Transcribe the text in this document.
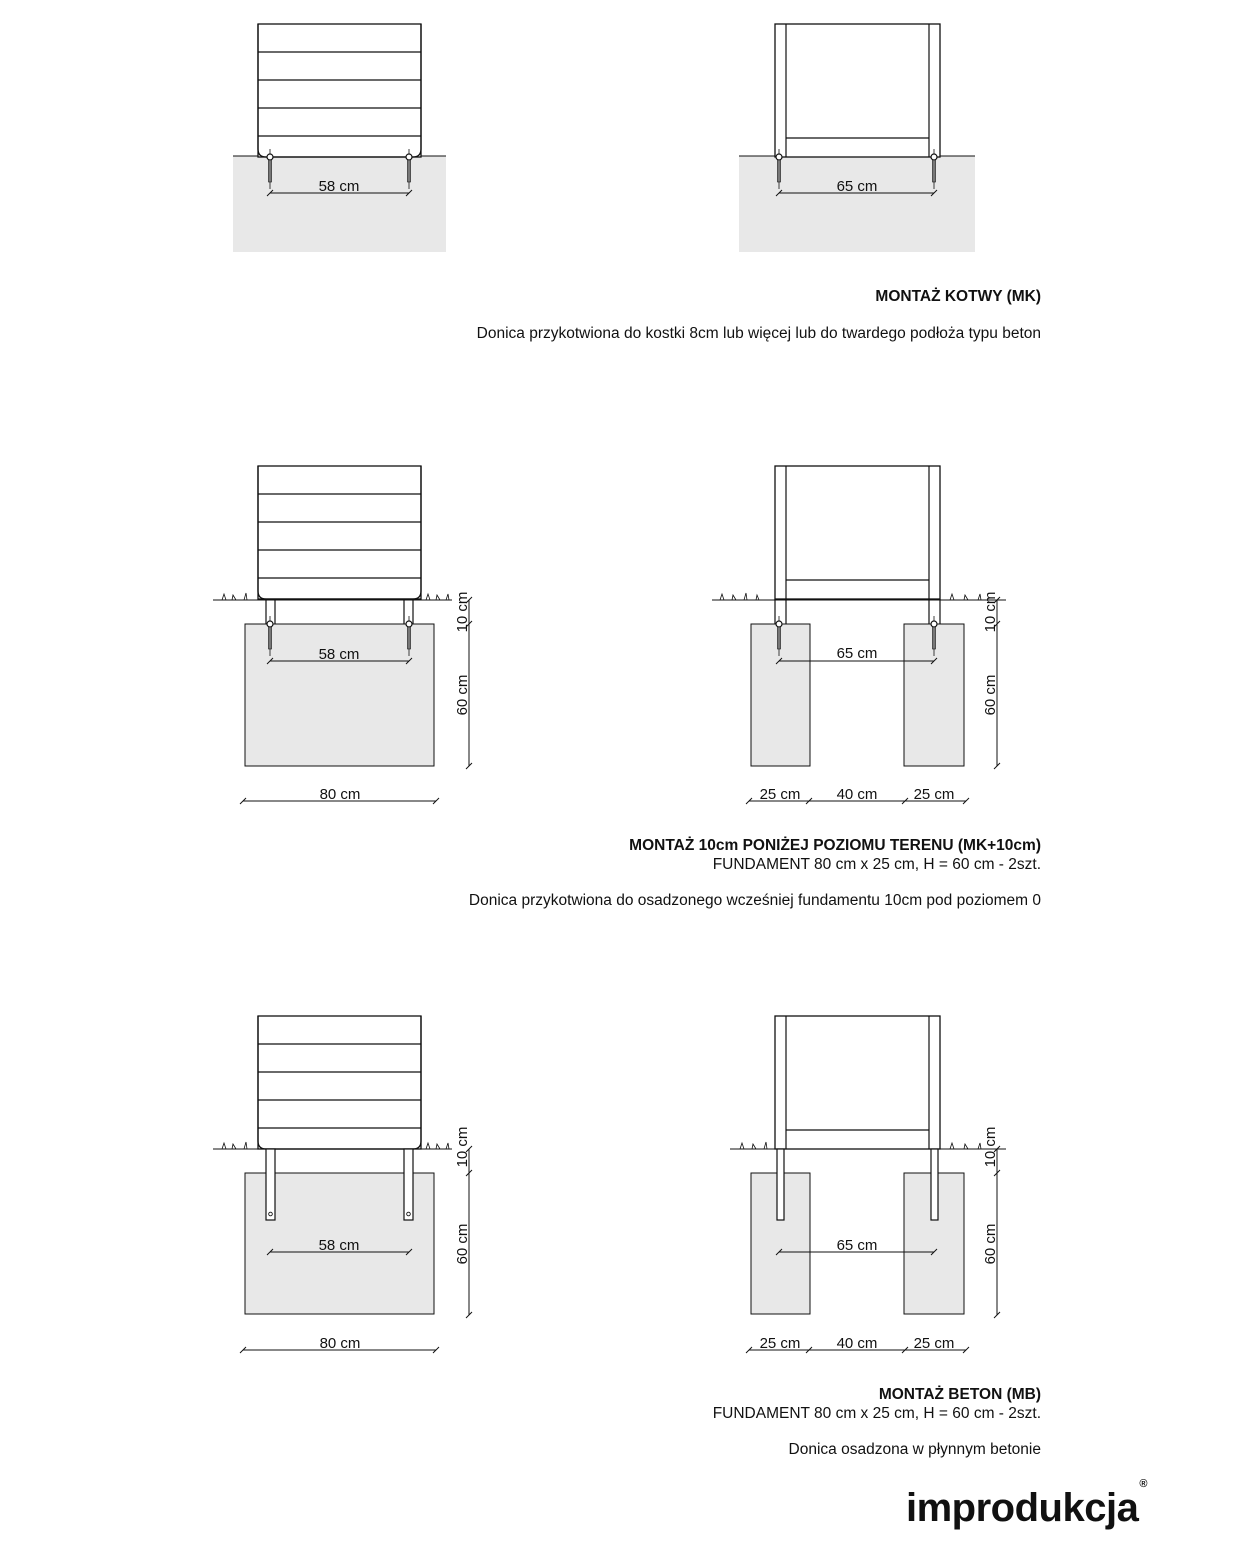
58 cm	65 cm
58 cm
10 cm
60 cm
80 cm
65 cm
10 cm
60 cm
25 cm 40 cm 25 cm
58 cm
10 cm
60 cm
80 cm
65 cm
10 cm
60 cm
25 cm 40 cm 25 cm
MONTAŻ KOTWY (MK)
Donica przykotwiona do kostki 8cm lub więcej lub do twardego podłoża typu beton
MONTAŻ 10cm PONIŻEJ POZIOMU TERENU (MK+10cm)
FUNDAMENT 80 cm x 25 cm, H = 60 cm - 2szt.
Donica przykotwiona do osadzonego wcześniej fundamentu 10cm pod poziomem 0
MONTAŻ BETON (MB)
FUNDAMENT 80 cm x 25 cm, H = 60 cm - 2szt.
Donica osadzona w płynnym betonie
improdukcja®
